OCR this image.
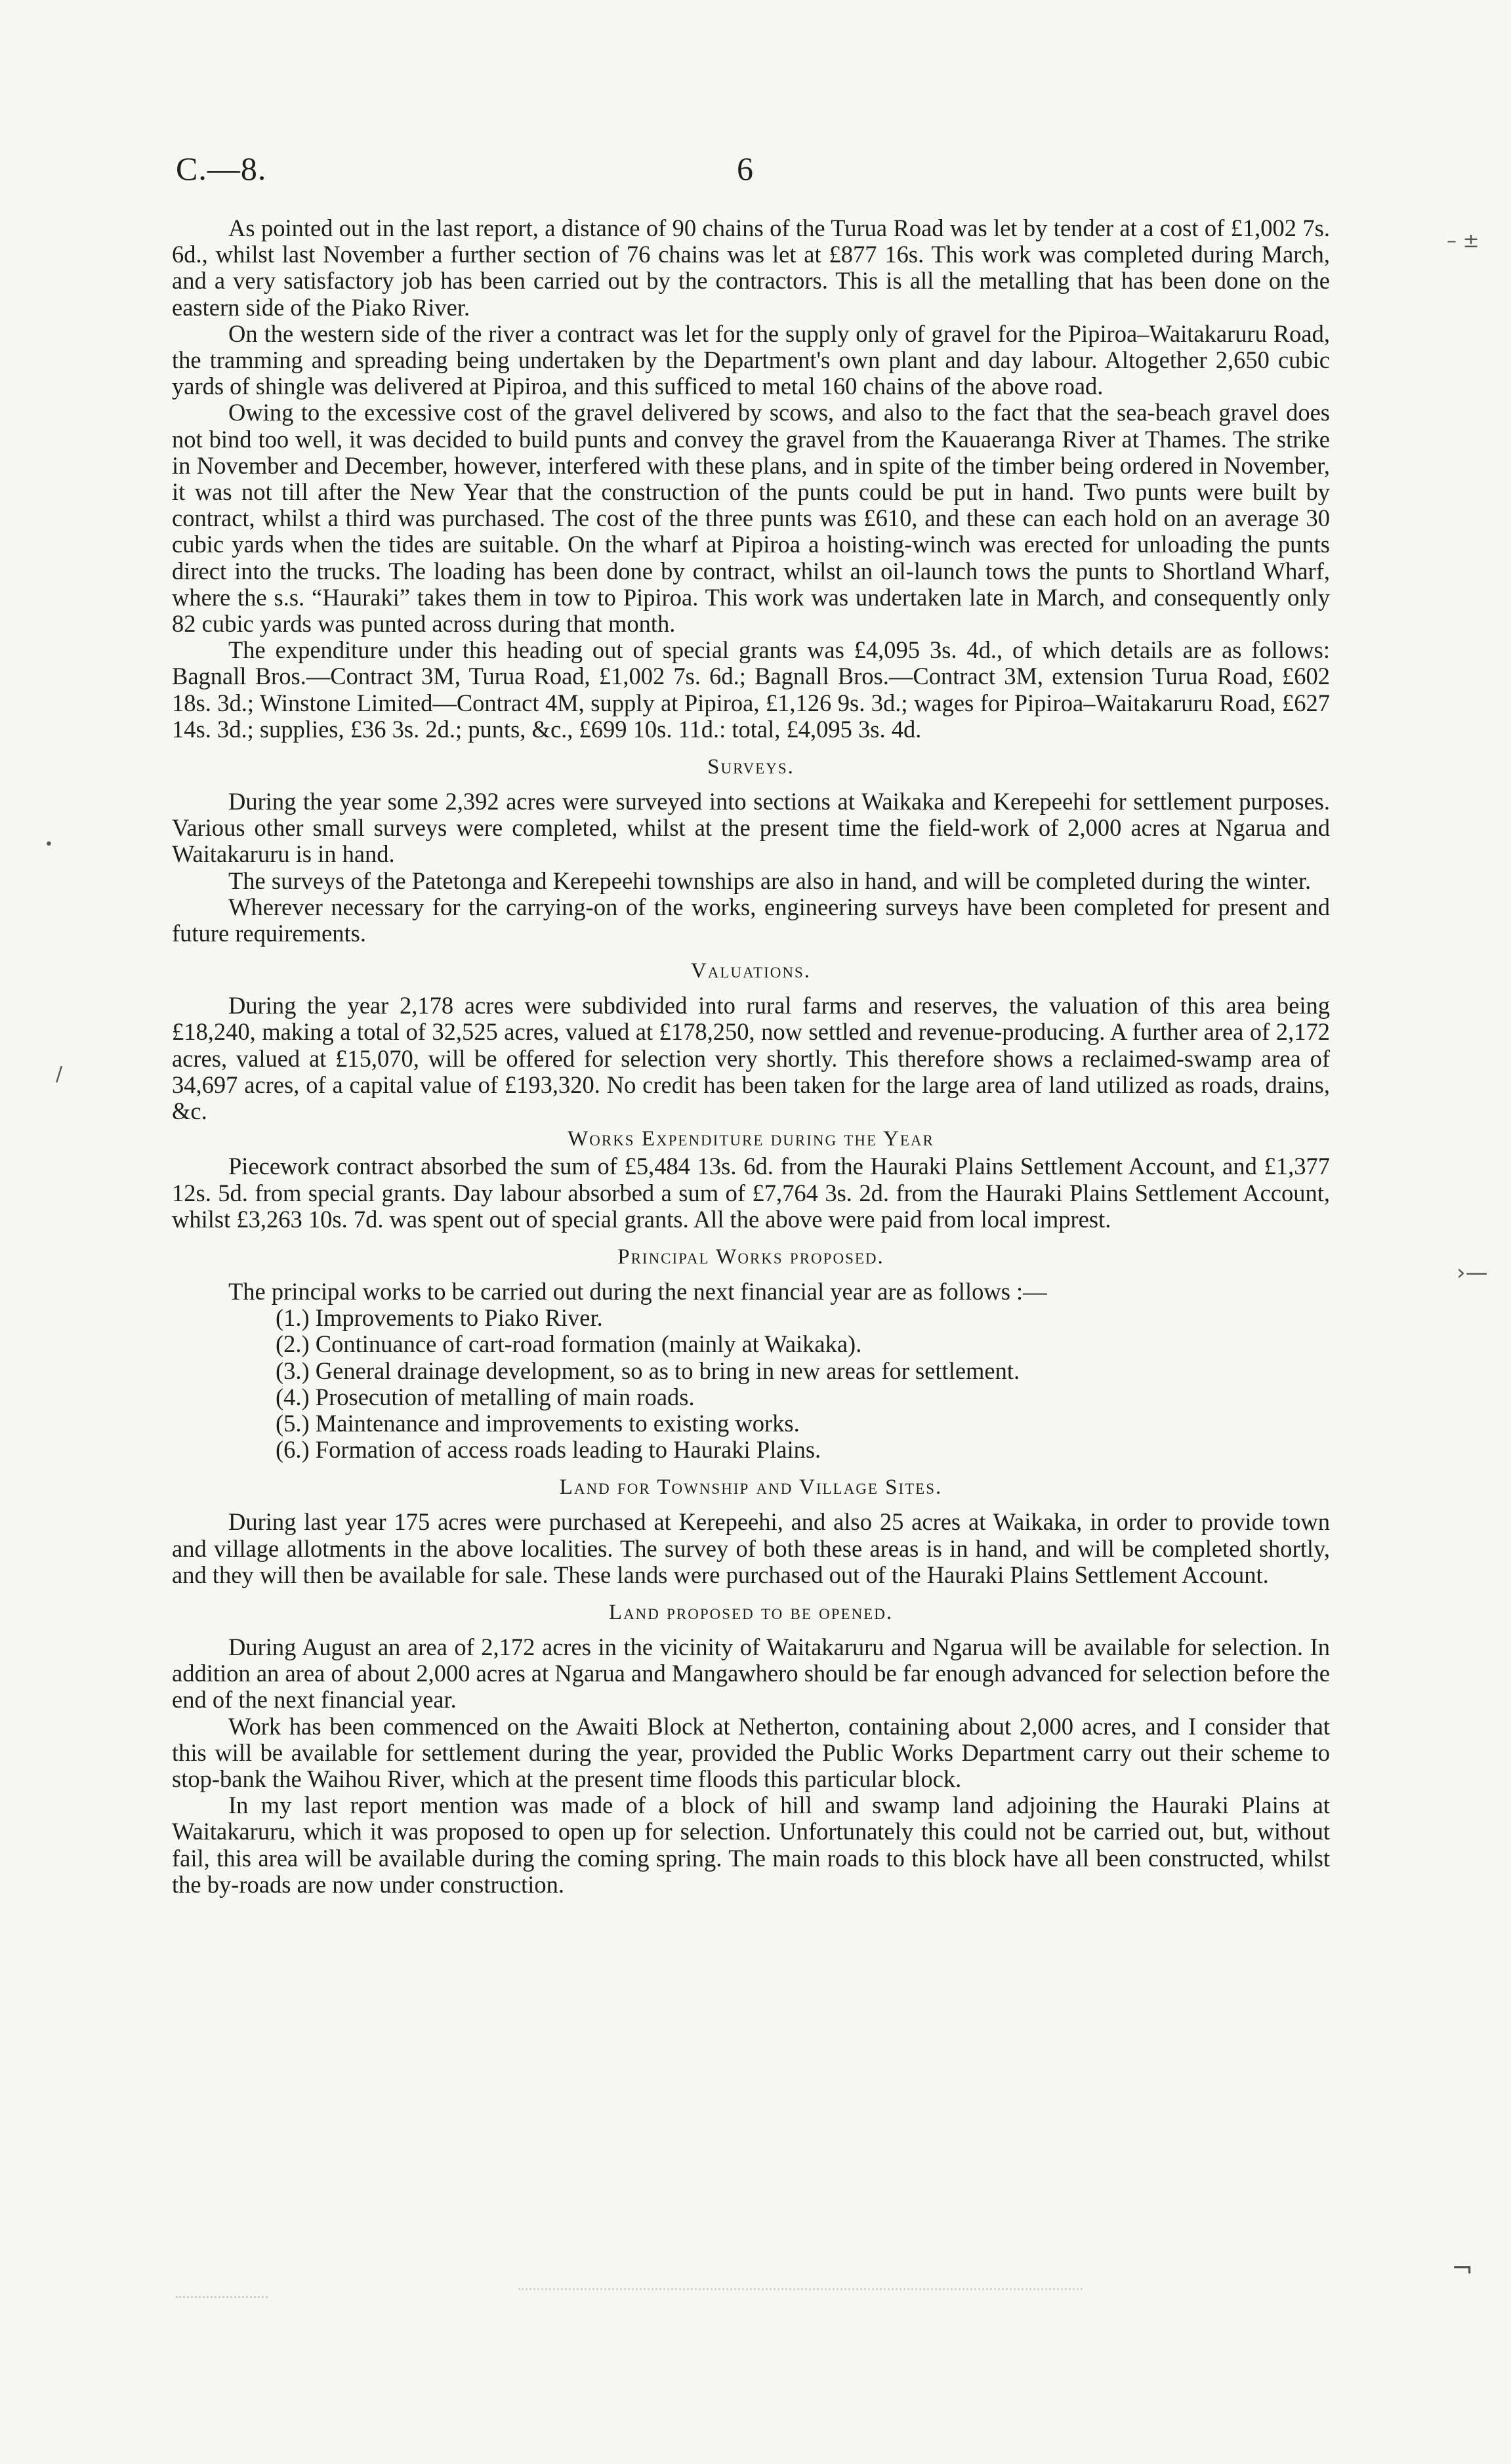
C.—8.	6

As pointed out in the last report, a distance of 90 chains of the Turua Road was let by tender at a cost of £1,002 7s. 6d., whilst last November a further section of 76 chains was let at £877 16s. This work was completed during March, and a very satisfactory job has been carried out by the contractors. This is all the metalling that has been done on the eastern side of the Piako River.

On the western side of the river a contract was let for the supply only of gravel for the Pipiroa–Waitakaruru Road, the tramming and spreading being undertaken by the Department's own plant and day labour. Altogether 2,650 cubic yards of shingle was delivered at Pipiroa, and this sufficed to metal 160 chains of the above road.

Owing to the excessive cost of the gravel delivered by scows, and also to the fact that the sea-beach gravel does not bind too well, it was decided to build punts and convey the gravel from the Kauaeranga River at Thames. The strike in November and December, however, interfered with these plans, and in spite of the timber being ordered in November, it was not till after the New Year that the construction of the punts could be put in hand. Two punts were built by contract, whilst a third was purchased. The cost of the three punts was £610, and these can each hold on an average 30 cubic yards when the tides are suitable. On the wharf at Pipiroa a hoisting-winch was erected for unloading the punts direct into the trucks. The loading has been done by contract, whilst an oil-launch tows the punts to Shortland Wharf, where the s.s. “Hauraki” takes them in tow to Pipiroa. This work was undertaken late in March, and consequently only 82 cubic yards was punted across during that month.

The expenditure under this heading out of special grants was £4,095 3s. 4d., of which details are as follows: Bagnall Bros.—Contract 3M, Turua Road, £1,002 7s. 6d.; Bagnall Bros.—Contract 3M, extension Turua Road, £602 18s. 3d.; Winstone Limited—Contract 4M, supply at Pipiroa, £1,126 9s. 3d.; wages for Pipiroa–Waitakaruru Road, £627 14s. 3d.; supplies, £36 3s. 2d.; punts, &c., £699 10s. 11d.: total, £4,095 3s. 4d.

Surveys.

During the year some 2,392 acres were surveyed into sections at Waikaka and Kerepeehi for settlement purposes. Various other small surveys were completed, whilst at the present time the field-work of 2,000 acres at Ngarua and Waitakaruru is in hand.

The surveys of the Patetonga and Kerepeehi townships are also in hand, and will be completed during the winter.

Wherever necessary for the carrying-on of the works, engineering surveys have been completed for present and future requirements.

Valuations.

During the year 2,178 acres were subdivided into rural farms and reserves, the valuation of this area being £18,240, making a total of 32,525 acres, valued at £178,250, now settled and revenue-producing. A further area of 2,172 acres, valued at £15,070, will be offered for selection very shortly. This therefore shows a reclaimed-swamp area of 34,697 acres, of a capital value of £193,320. No credit has been taken for the large area of land utilized as roads, drains, &c.

Works Expenditure during the Year

Piecework contract absorbed the sum of £5,484 13s. 6d. from the Hauraki Plains Settlement Account, and £1,377 12s. 5d. from special grants. Day labour absorbed a sum of £7,764 3s. 2d. from the Hauraki Plains Settlement Account, whilst £3,263 10s. 7d. was spent out of special grants. All the above were paid from local imprest.

Principal Works proposed.

The principal works to be carried out during the next financial year are as follows :—

(1.) Improvements to Piako River.
(2.) Continuance of cart-road formation (mainly at Waikaka).
(3.) General drainage development, so as to bring in new areas for settlement.
(4.) Prosecution of metalling of main roads.
(5.) Maintenance and improvements to existing works.
(6.) Formation of access roads leading to Hauraki Plains.
Land for Township and Village Sites.

During last year 175 acres were purchased at Kerepeehi, and also 25 acres at Waikaka, in order to provide town and village allotments in the above localities. The survey of both these areas is in hand, and will be completed shortly, and they will then be available for sale. These lands were purchased out of the Hauraki Plains Settlement Account.

Land proposed to be opened.

During August an area of 2,172 acres in the vicinity of Waitakaruru and Ngarua will be available for selection. In addition an area of about 2,000 acres at Ngarua and Mangawhero should be far enough advanced for selection before the end of the next financial year.

Work has been commenced on the Awaiti Block at Netherton, containing about 2,000 acres, and I consider that this will be available for settlement during the year, provided the Public Works Department carry out their scheme to stop-bank the Waihou River, which at the present time floods this particular block.

In my last report mention was made of a block of hill and swamp land adjoining the Hauraki Plains at Waitakaruru, which it was proposed to open up for selection. Unfortunately this could not be carried out, but, without fail, this area will be available during the coming spring. The main roads to this block have all been constructed, whilst the by-roads are now under construction.

– ±
›—
¬
/
•
